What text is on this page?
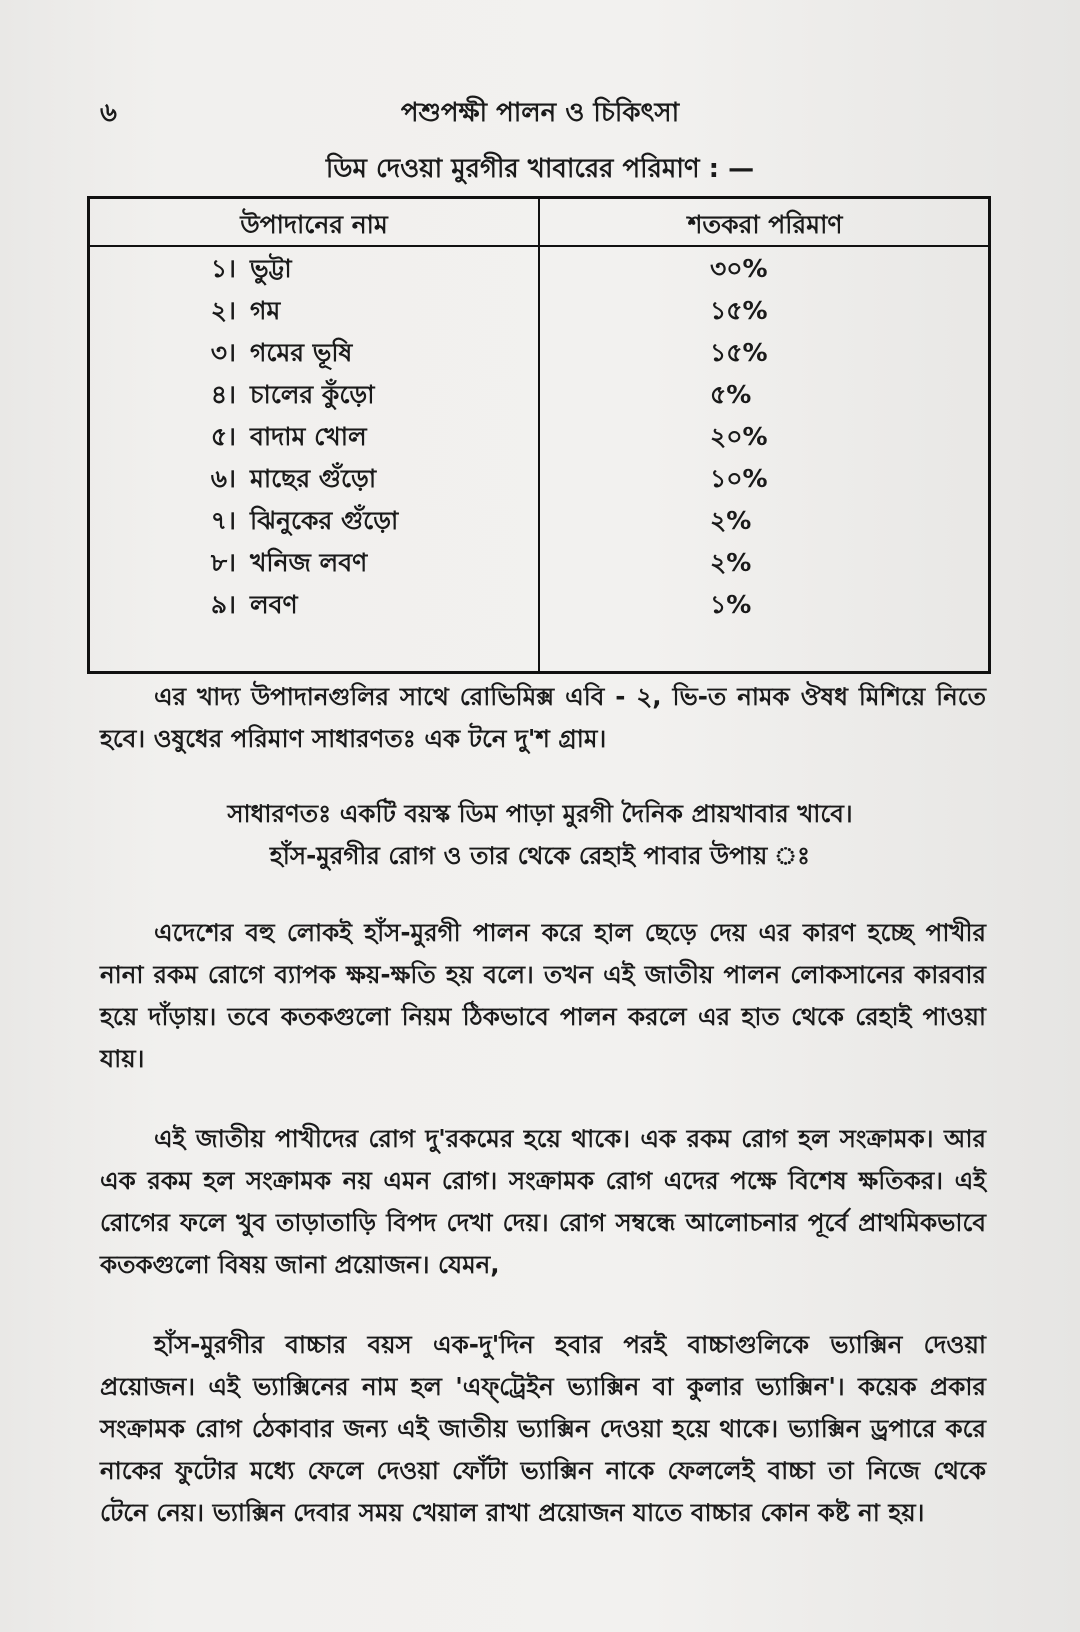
৬	পশুপক্ষী পালন ও চিকিৎসা
ডিম দেওয়া মুরগীর খাবারের পরিমাণ : —
উপাদানের নাম	শতকরা পরিমাণ
১। ভুট্টা	৩০%
২। গম	১৫%
৩। গমের ভূষি	১৫%
৪। চালের কুঁড়ো	৫%
৫। বাদাম খোল	২০%
৬। মাছের গুঁড়ো	১০%
৭। ঝিনুকের গুঁড়ো	২%
৮। খনিজ লবণ	২%
৯। লবণ	১%

এর খাদ্য উপাদানগুলির সাথে রোভিমিক্স এবি - ২, ভি-ত নামক ঔষধ মিশিয়ে নিতে হবে। ওষুধের পরিমাণ সাধারণতঃ এক টনে দু'শ গ্রাম।

সাধারণতঃ একটি বয়স্ক ডিম পাড়া মুরগী দৈনিক প্রায়খাবার খাবে।
হাঁস-মুরগীর রোগ ও তার থেকে রেহাই পাবার উপায় ঃ

এদেশের বহু লোকই হাঁস-মুরগী পালন করে হাল ছেড়ে দেয় এর কারণ হচ্ছে পাখীর নানা রকম রোগে ব্যাপক ক্ষয়-ক্ষতি হয় বলে। তখন এই জাতীয় পালন লোকসানের কারবার হয়ে দাঁড়ায়। তবে কতকগুলো নিয়ম ঠিকভাবে পালন করলে এর হাত থেকে রেহাই পাওয়া যায়।

এই জাতীয় পাখীদের রোগ দু'রকমের হয়ে থাকে। এক রকম রোগ হল সংক্রামক। আর এক রকম হল সংক্রামক নয় এমন রোগ। সংক্রামক রোগ এদের পক্ষে বিশেষ ক্ষতিকর। এই রোগের ফলে খুব তাড়াতাড়ি বিপদ দেখা দেয়। রোগ সম্বন্ধে আলোচনার পূর্বে প্রাথমিকভাবে কতকগুলো বিষয় জানা প্রয়োজন। যেমন,

হাঁস-মুরগীর বাচ্চার বয়স এক-দু'দিন হবার পরই বাচ্চাগুলিকে ভ্যাক্সিন দেওয়া প্রয়োজন। এই ভ্যাক্সিনের নাম হল 'এফ্‌ট্রেইন ভ্যাক্সিন বা কুলার ভ্যাক্সিন'। কয়েক প্রকার সংক্রামক রোগ ঠেকাবার জন্য এই জাতীয় ভ্যাক্সিন দেওয়া হয়ে থাকে। ভ্যাক্সিন ড্রপারে করে নাকের ফুটোর মধ্যে ফেলে দেওয়া ফোঁটা ভ্যাক্সিন নাকে ফেললেই বাচ্চা তা নিজে থেকে টেনে নেয়। ভ্যাক্সিন দেবার সময় খেয়াল রাখা প্রয়োজন যাতে বাচ্চার কোন কষ্ট না হয়।
